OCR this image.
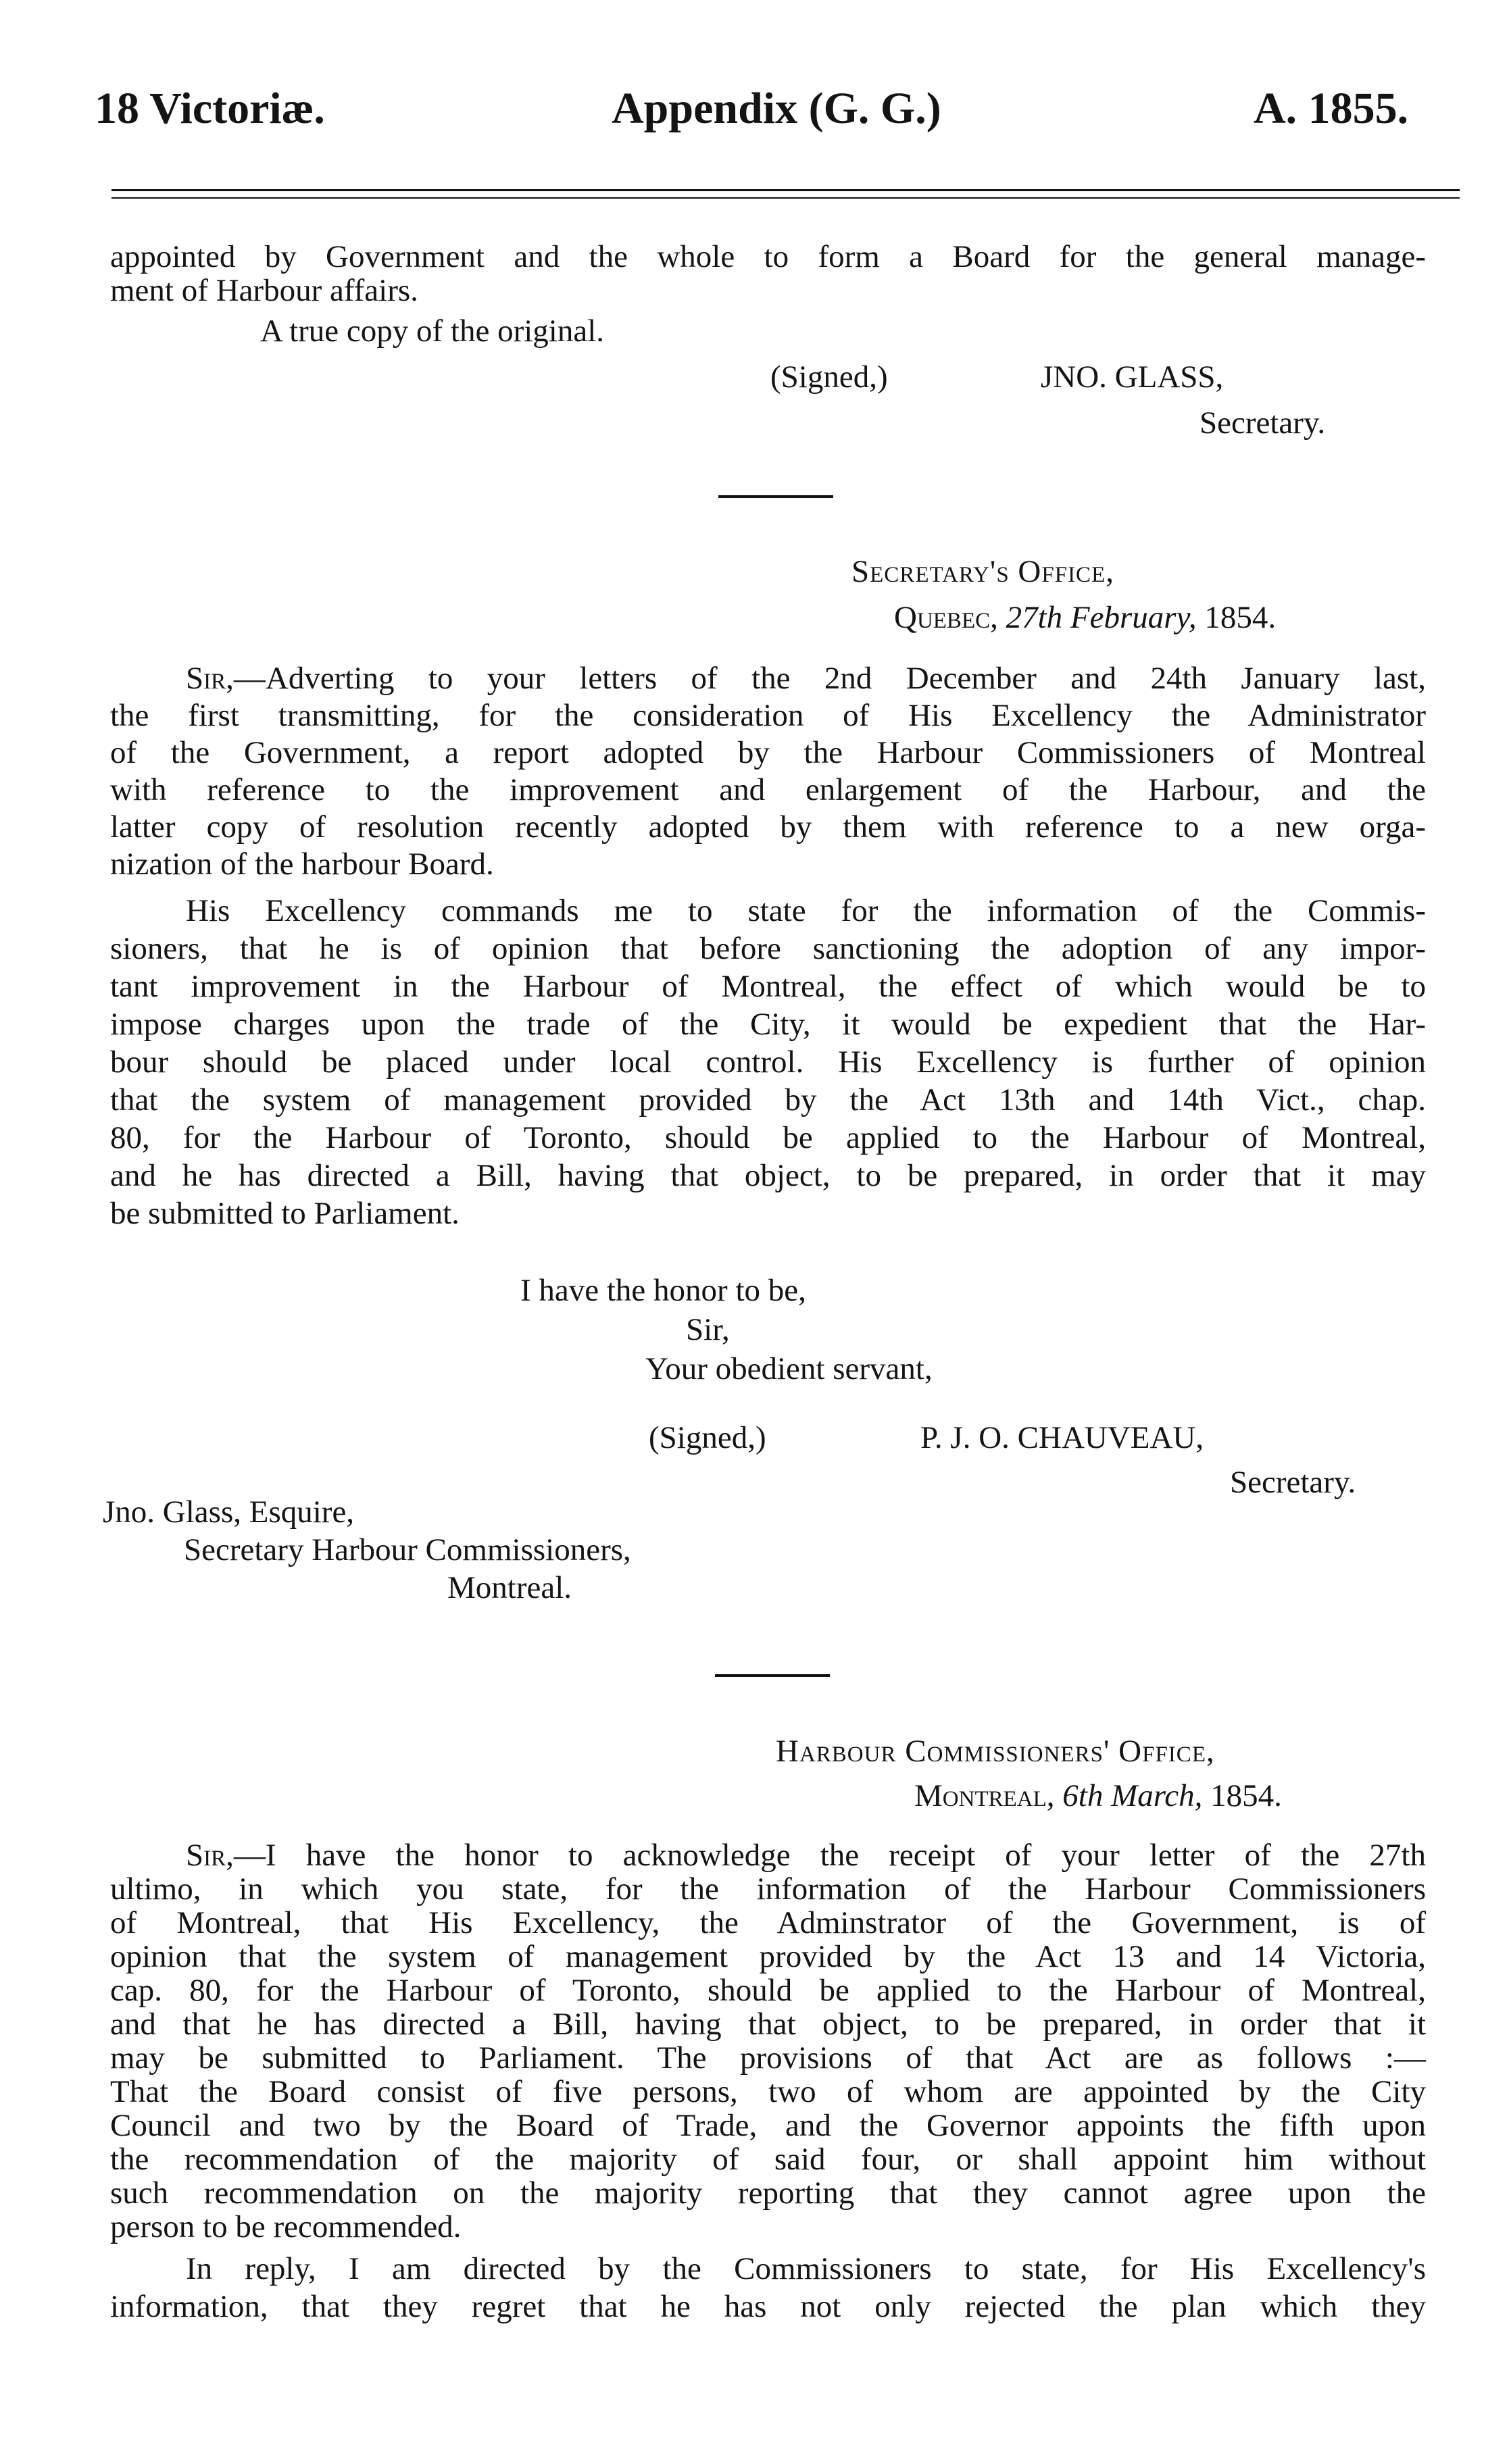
18 Victoriæ.	Appendix (G. G.)	A. 1855.
appointed by Government and the whole to form a Board for the general manage-
ment of Harbour affairs.
A true copy of the original.
(Signed,)	JNO. GLASS,
Secretary.
Secretary's Office,
Quebec, 27th February, 1854.
Sir,—Adverting to your letters of the 2nd December and 24th January last,
the first transmitting, for the consideration of His Excellency the Administrator
of the Government, a report adopted by the Harbour Commissioners of Montreal
with reference to the improvement and enlargement of the Harbour, and the
latter copy of resolution recently adopted by them with reference to a new orga-
nization of the harbour Board.
His Excellency commands me to state for the information of the Commis-
sioners, that he is of opinion that before sanctioning the adoption of any impor-
tant improvement in the Harbour of Montreal, the effect of which would be to
impose charges upon the trade of the City, it would be expedient that the Har-
bour should be placed under local control. His Excellency is further of opinion
that the system of management provided by the Act 13th and 14th Vict., chap.
80, for the Harbour of Toronto, should be applied to the Harbour of Montreal,
and he has directed a Bill, having that object, to be prepared, in order that it may
be submitted to Parliament.
I have the honor to be,
Sir,
Your obedient servant,
(Signed,)	P. J. O. CHAUVEAU,
Secretary.
Jno. Glass, Esquire,
Secretary Harbour Commissioners,
Montreal.
Harbour Commissioners' Office,
Montreal, 6th March, 1854.
Sir,—I have the honor to acknowledge the receipt of your letter of the 27th
ultimo, in which you state, for the information of the Harbour Commissioners
of Montreal, that His Excellency, the Adminstrator of the Government, is of
opinion that the system of management provided by the Act 13 and 14 Victoria,
cap. 80, for the Harbour of Toronto, should be applied to the Harbour of Montreal,
and that he has directed a Bill, having that object, to be prepared, in order that it
may be submitted to Parliament. The provisions of that Act are as follows :—
That the Board consist of five persons, two of whom are appointed by the City
Council and two by the Board of Trade, and the Governor appoints the fifth upon
the recommendation of the majority of said four, or shall appoint him without
such recommendation on the majority reporting that they cannot agree upon the
person to be recommended.
In reply, I am directed by the Commissioners to state, for His Excellency's
information, that they regret that he has not only rejected the plan which they
